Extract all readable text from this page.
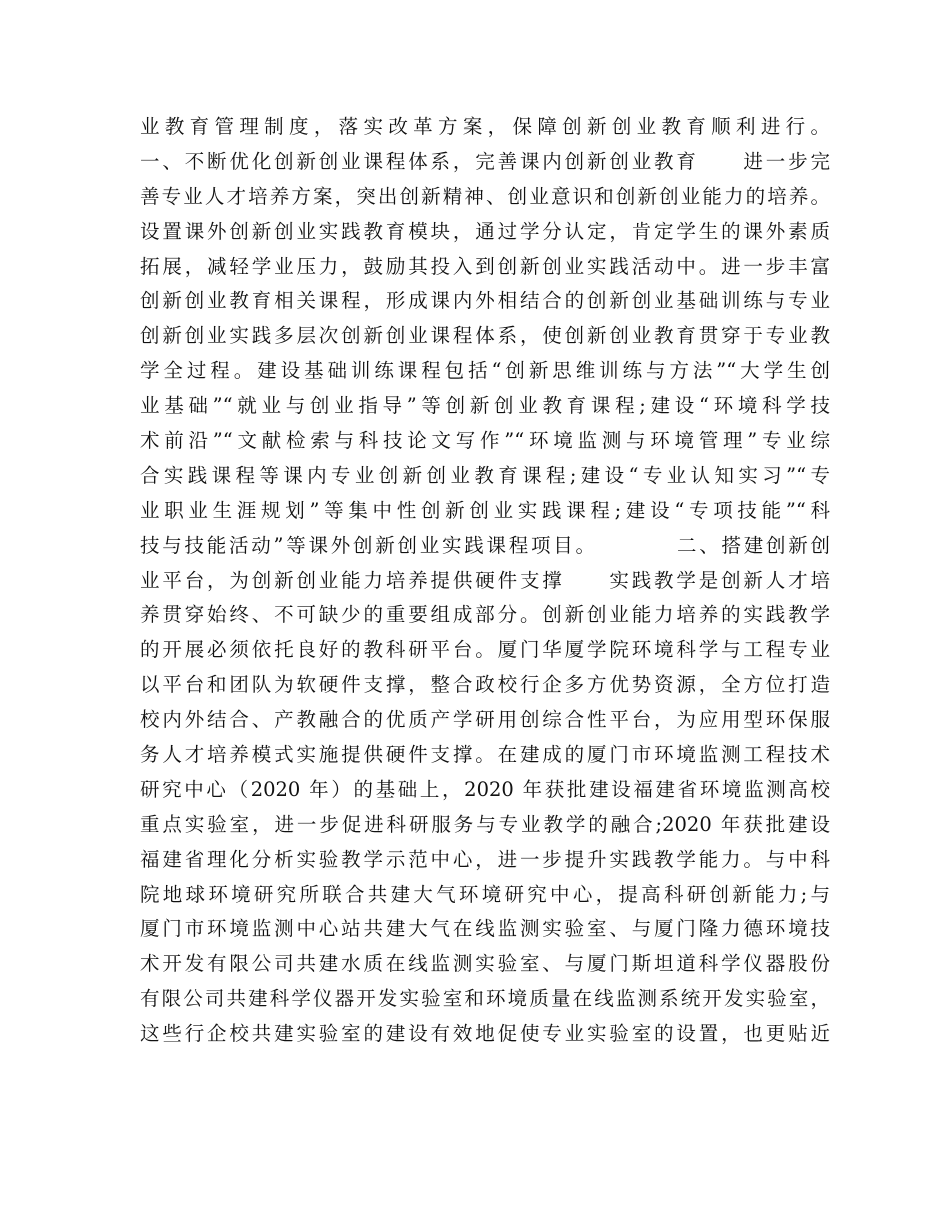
业教育管理制度，落实改革方案，保障创新创业教育顺利进行。
一、不断优化创新创业课程体系，完善课内创新创业教育　　进一步完
善专业人才培养方案，突出创新精神、创业意识和创新创业能力的培养。
设置课外创新创业实践教育模块，通过学分认定，肯定学生的课外素质
拓展，减轻学业压力，鼓励其投入到创新创业实践活动中。进一步丰富
创新创业教育相关课程，形成课内外相结合的创新创业基础训练与专业
创新创业实践多层次创新创业课程体系，使创新创业教育贯穿于专业教
学全过程。建设基础训练课程包括“创新思维训练与方法”“大学生创
业基础”“就业与创业指导”等创新创业教育课程;建设“环境科学技
术前沿”“文献检索与科技论文写作”“环境监测与环境管理”专业综
合实践课程等课内专业创新创业教育课程;建设“专业认知实习”“专
业职业生涯规划”等集中性创新创业实践课程;建设“专项技能”“科
技与技能活动”等课外创新创业实践课程项目。　　　　二、搭建创新创
业平台，为创新创业能力培养提供硬件支撑　　实践教学是创新人才培
养贯穿始终、不可缺少的重要组成部分。创新创业能力培养的实践教学
的开展必须依托良好的教科研平台。厦门华厦学院环境科学与工程专业
以平台和团队为软硬件支撑，整合政校行企多方优势资源，全方位打造
校内外结合、产教融合的优质产学研用创综合性平台，为应用型环保服
务人才培养模式实施提供硬件支撑。在建成的厦门市环境监测工程技术
研究中心（2020 年）的基础上，2020 年获批建设福建省环境监测高校
重点实验室，进一步促进科研服务与专业教学的融合;2020 年获批建设
福建省理化分析实验教学示范中心，进一步提升实践教学能力。与中科
院地球环境研究所联合共建大气环境研究中心，提高科研创新能力;与
厦门市环境监测中心站共建大气在线监测实验室、与厦门隆力德环境技
术开发有限公司共建水质在线监测实验室、与厦门斯坦道科学仪器股份
有限公司共建科学仪器开发实验室和环境质量在线监测系统开发实验室，
这些行企校共建实验室的建设有效地促使专业实验室的设置，也更贴近
